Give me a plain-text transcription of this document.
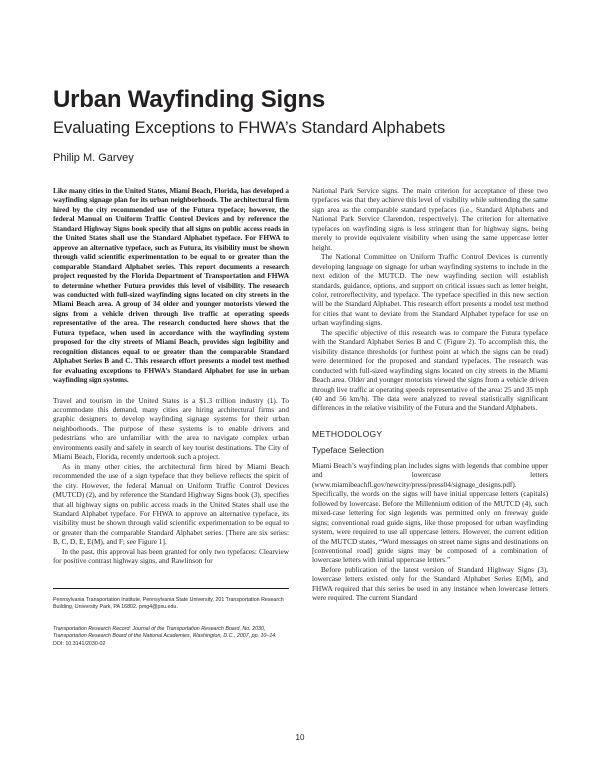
Urban Wayfinding Signs
Evaluating Exceptions to FHWA’s Standard Alphabets

Philip M. Garvey

Like many cities in the United States, Miami Beach, Florida, has developed a wayfinding signage plan for its urban neighborhoods. The architectural firm hired by the city recommended use of the Futura typeface; however, the federal Manual on Uniform Traffic Control Devices and by reference the Standard Highway Signs book specify that all signs on public access roads in the United States shall use the Standard Alphabet typeface. For FHWA to approve an alternative typeface, such as Futura, its visibility must be shown through valid scientific experimentation to be equal to or greater than the comparable Standard Alphabet series. This report documents a research project requested by the Florida Department of Transportation and FHWA to determine whether Futura provides this level of visibility. The research was conducted with full-sized wayfinding signs located on city streets in the Miami Beach area. A group of 34 older and younger motorists viewed the signs from a vehicle driven through live traffic at operating speeds representative of the area. The research conducted here shows that the Futura typeface, when used in accordance with the wayfinding system proposed for the city streets of Miami Beach, provides sign legibility and recognition distances equal to or greater than the comparable Standard Alphabet Series B and C. This research effort presents a model test method for evaluating exceptions to FHWA’s Standard Alphabet for use in urban wayfinding sign systems.

Travel and tourism in the United States is a $1.3 trillion industry (1). To accommodate this demand, many cities are hiring architectural firms and graphic designers to develop wayfinding signage systems for their urban neighborhoods. The purpose of these systems is to enable drivers and pedestrians who are unfamiliar with the area to navigate complex urban environments easily and safely in search of key tourist destinations. The City of Miami Beach, Florida, recently undertook such a project.

As in many other cities, the architectural firm hired by Miami Beach recommended the use of a sign typeface that they believe reflects the spirit of the city. However, the federal Manual on Uniform Traffic Control Devices (MUTCD) (2), and by reference the Standard Highway Signs book (3), specifies that all highway signs on public access roads in the United States shall use the Standard Alphabet typeface. For FHWA to approve an alternative typeface, its visibility must be shown through valid scientific experimentation to be equal to or greater than the comparable Standard Alphabet series. [There are six series: B, C, D, E, E(M), and F; see Figure 1].

In the past, this approval has been granted for only two typefaces: Clearview for positive contrast highway signs, and Rawlinson for

Pennsylvania Transportation Institute, Pennsylvania State University, 201 Transportation Research Building, University Park, PA 16802. pmg4@psu.edu.

Transportation Research Record: Journal of the Transportation Research Board, No. 2030, Transportation Research Board of the National Academies, Washington, D.C., 2007, pp. 10–14.

DOI: 10.3141/2030-02

National Park Service signs. The main criterion for acceptance of these two typefaces was that they achieve this level of visibility while subtending the same sign area as the comparable standard typefaces (i.e., Standard Alphabets and National Park Service Clarendon, respectively). The criterion for alternative typefaces on wayfinding signs is less stringent than for highway signs, being merely to provide equivalent visibility when using the same uppercase letter height.

The National Committee on Uniform Traffic Control Devices is currently developing language on signage for urban wayfinding systems to include in the next edition of the MUTCD. The new wayfinding section will establish standards, guidance, options, and support on critical issues such as letter height, color, retroreflectivity, and typeface. The typeface specified in this new section will be the Standard Alphabet. This research effort presents a model test method for cities that want to deviate from the Standard Alphabet typeface for use on urban wayfinding signs.

The specific objective of this research was to compare the Futura typeface with the Standard Alphabet Series B and C (Figure 2). To accomplish this, the visibility distance thresholds (or furthest point at which the signs can be read) were determined for the proposed and standard typefaces. The research was conducted with full-sized wayfinding signs located on city streets in the Miami Beach area. Older and younger motorists viewed the signs from a vehicle driven through live traffic at operating speeds representative of the area: 25 and 35 mph (40 and 56 km/h). The data were analyzed to reveal statistically significant differences in the relative visibility of the Futura and the Standard Alphabets.

METHODOLOGY

Typeface Selection

Miami Beach’s wayfinding plan includes signs with legends that combine upper and lowercase letters (www.miamibeachfl.gov/newcity/press/press04/signage_designs.pdf). Specifically, the words on the signs will have initial uppercase letters (capitals) followed by lowercase. Before the Millennium edition of the MUTCD (4), such mixed-case lettering for sign legends was permitted only on freeway guide signs; conventional road guide signs, like those proposed for urban wayfinding system, were required to use all uppercase letters. However, the current edition of the MUTCD states, “Word messages on street name signs and destinations on [conventional road] guide signs may be composed of a combination of lowercase letters with initial uppercase letters.”

Before publication of the latest version of Standard Highway Signs (3), lowercase letters existed only for the Standard Alphabet Series E(M), and FHWA required that this series be used in any instance when lowercase letters were required. The current Standard

10
